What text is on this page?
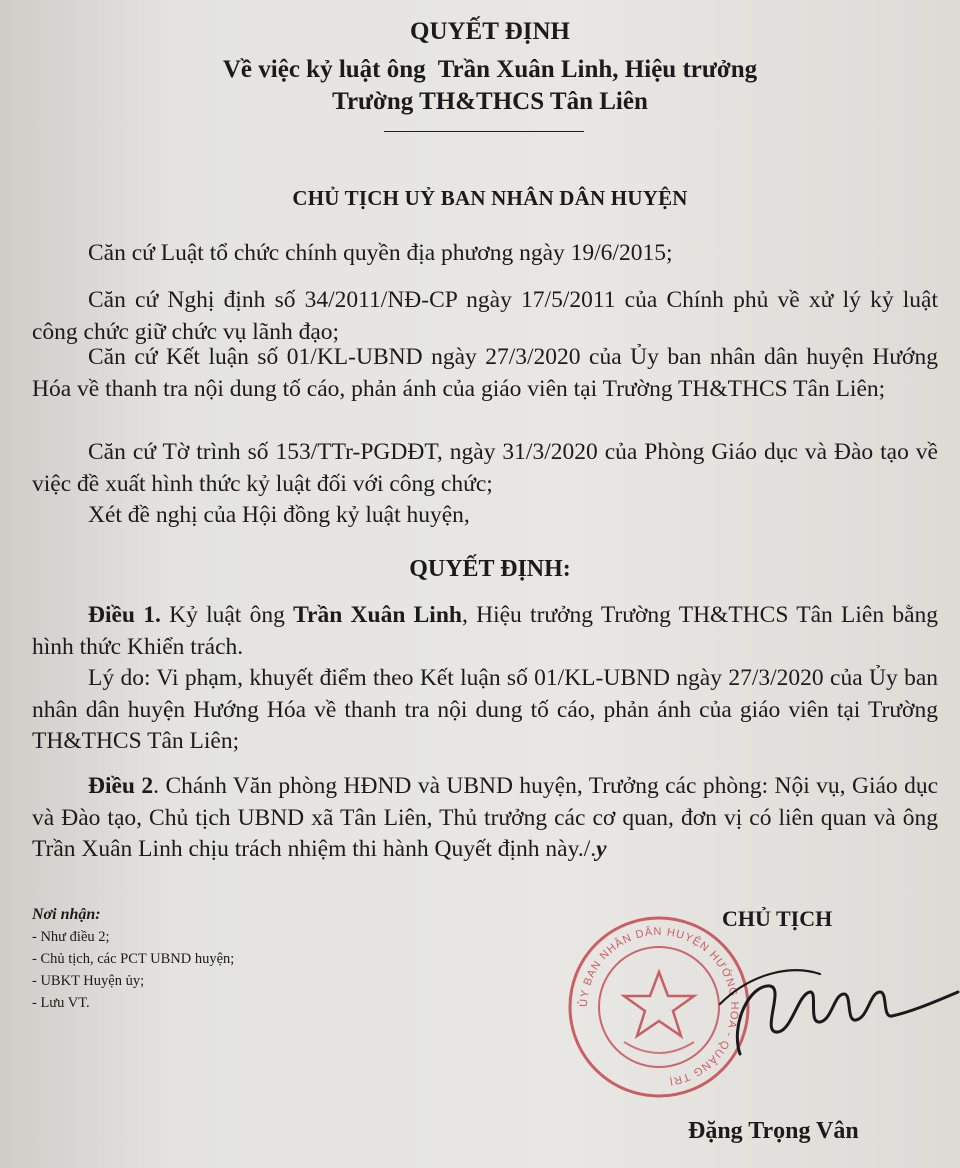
QUYẾT ĐỊNH
Về việc kỷ luật ông  Trần Xuân Linh, Hiệu trưởng
Trường TH&THCS Tân Liên
CHỦ TỊCH UỶ BAN NHÂN DÂN HUYỆN

Căn cứ Luật tổ chức chính quyền địa phương ngày 19/6/2015;

Căn cứ Nghị định số 34/2011/NĐ-CP ngày 17/5/2011 của Chính phủ về xử lý kỷ luật công chức giữ chức vụ lãnh đạo;

Căn cứ Kết luận số 01/KL-UBND ngày 27/3/2020 của Ủy ban nhân dân huyện Hướng Hóa về thanh tra nội dung tố cáo, phản ánh của giáo viên tại Trường TH&THCS Tân Liên;

Căn cứ Tờ trình số 153/TTr-PGDĐT, ngày 31/3/2020 của Phòng Giáo dục và Đào tạo về việc đề xuất hình thức kỷ luật đối với công chức;

Xét đề nghị của Hội đồng kỷ luật huyện,

QUYẾT ĐỊNH:

Điều 1. Kỷ luật ông Trần Xuân Linh, Hiệu trưởng Trường TH&THCS Tân Liên bằng hình thức Khiển trách.

Lý do: Vi phạm, khuyết điểm theo Kết luận số 01/KL-UBND ngày 27/3/2020 của Ủy ban nhân dân huyện Hướng Hóa về thanh tra nội dung tố cáo, phản ánh của giáo viên tại Trường TH&THCS Tân Liên;

Điều 2. Chánh Văn phòng HĐND và UBND huyện, Trưởng các phòng: Nội vụ, Giáo dục và Đào tạo, Chủ tịch UBND xã Tân Liên, Thủ trưởng các cơ quan, đơn vị có liên quan và ông Trần Xuân Linh chịu trách nhiệm thi hành Quyết định này./.y

Nơi nhận:
- Như điều 2;
- Chủ tịch, các PCT UBND huyện;
- UBKT Huyện ủy;
- Lưu VT.
CHỦ TỊCH
ỦY BAN NHÂN DÂN HUYỆN HƯỚNG HÓA - QUẢNG TRỊ
Đặng Trọng Vân
